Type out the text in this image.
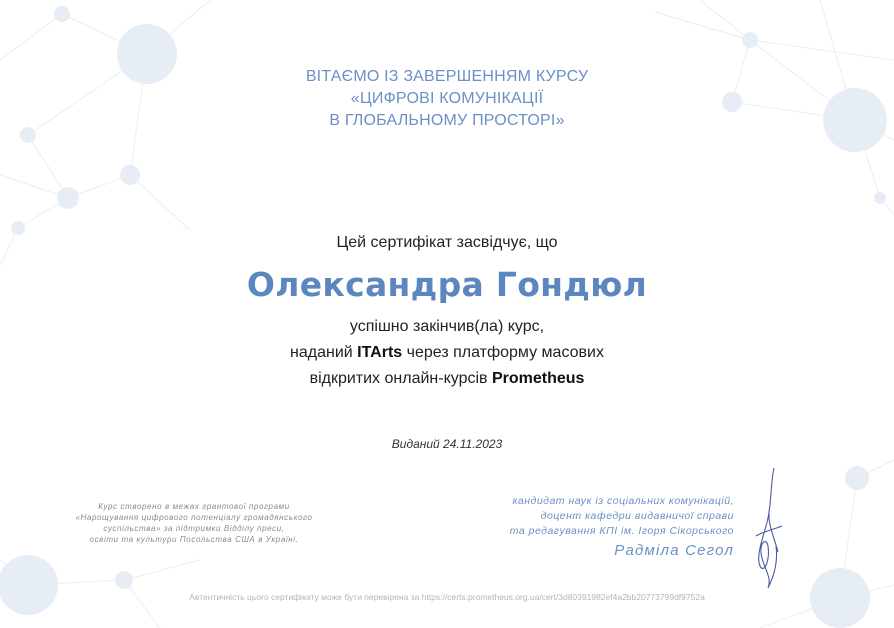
ВІТАЄМО ІЗ ЗАВЕРШЕННЯМ КУРСУ
«ЦИФРОВІ КОМУНІКАЦІЇ
В ГЛОБАЛЬНОМУ ПРОСТОРІ»
Цей сертифікат засвідчує, що
Олександра Гондюл
успішно закінчив(ла) курс,
наданий ITArts через платформу масових
відкритих онлайн-курсів Prometheus
Виданий 24.11.2023
Курс створено в межах грантової програми
«Нарощування цифрового потенціалу громадянського
суспільства» за підтримки Відділу преси,
освіти та культури Посольства США в Україні.
кандидат наук із соціальних комунікацій,
доцент кафедри видавничої справи
та редагування КПІ ім. Ігоря Сікорського
Радміла Сегол
Автентичність цього сертифікату може бути перевірена за https://certs.prometheus.org.ua/cert/3d80391982ef4a2bb20773799df9752a
